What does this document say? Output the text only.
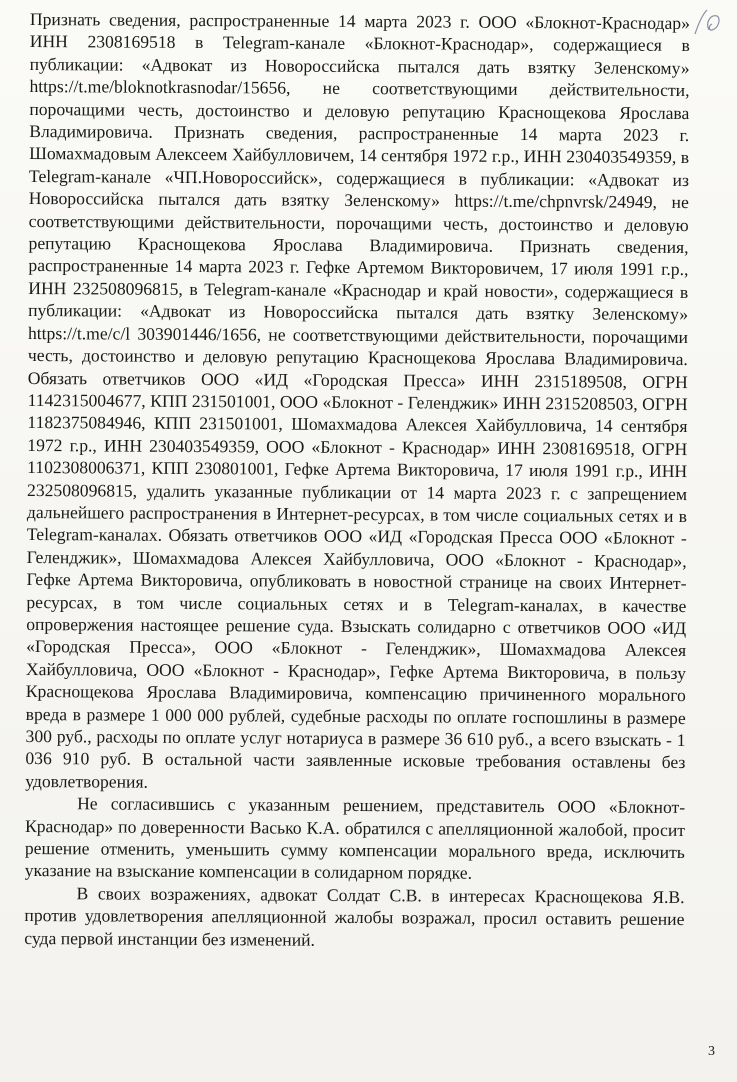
Признать сведения, распространенные 14 марта 2023 г. ООО «Блокнот-Краснодар» ИНН 2308169518 в Telegram-канале «Блокнот-Краснодар», содержащиеся в публикации: «Адвокат из Новороссийска пытался дать взятку Зеленскому» https://t.me/bloknotkrasnodar/15656, не соответствующими действительности, порочащими честь, достоинство и деловую репутацию Краснощекова Ярослава Владимировича. Признать сведения, распространенные 14 марта 2023 г. Шомахмадовым Алексеем Хайбулловичем, 14 сентября 1972 г.р., ИНН 230403549359, в Telegram-канале «ЧП.Новороссийск», содержащиеся в публикации: «Адвокат из Новороссийска пытался дать взятку Зеленскому» https://t.me/chpnvrsk/24949, не соответствующими действительности, порочащими честь, достоинство и деловую репутацию Краснощекова Ярослава Владимировича. Признать сведения, распространенные 14 марта 2023 г. Гефке Артемом Викторовичем, 17 июля 1991 г.р., ИНН 232508096815, в Telegram-канале «Краснодар и край новости», содержащиеся в публикации: «Адвокат из Новороссийска пытался дать взятку Зеленскому» https://t.me/c/l 303901446/1656, не соответствующими действительности, порочащими честь, достоинство и деловую репутацию Краснощекова Ярослава Владимировича. Обязать ответчиков ООО «ИД «Городская Пресса» ИНН 2315189508, ОГРН 1142315004677, КПП 231501001, ООО «Блокнот - Геленджик» ИНН 2315208503, ОГРН 1182375084946, КПП 231501001, Шомахмадова Алексея Хайбулловича, 14 сентября 1972 г.р., ИНН 230403549359, ООО «Блокнот - Краснодар» ИНН 2308169518, ОГРН 1102308006371, КПП 230801001, Гефке Артема Викторовича, 17 июля 1991 г.р., ИНН 232508096815, удалить указанные публикации от 14 марта 2023 г. с запрещением дальнейшего распространения в Интернет-ресурсах, в том числе социальных сетях и в Telegram-каналах. Обязать ответчиков ООО «ИД «Городская Пресса ООО «Блокнот - Геленджик», Шомахмадова Алексея Хайбулловича, ООО «Блокнот - Краснодар», Гефке Артема Викторовича, опубликовать в новостной странице на своих Интернет- ресурсах, в том числе социальных сетях и в Telegram-каналах, в качестве опровержения настоящее решение суда. Взыскать солидарно с ответчиков ООО «ИД «Городская Пресса», ООО «Блокнот - Геленджик», Шомахмадова Алексея Хайбулловича, ООО «Блокнот - Краснодар», Гефке Артема Викторовича, в пользу Краснощекова Ярослава Владимировича, компенсацию причиненного морального вреда в размере 1 000 000 рублей, судебные расходы по оплате госпошлины в размере 300 руб., расходы по оплате услуг нотариуса в размере 36 610 руб., а всего взыскать - 1 036 910 руб. В остальной части заявленные исковые требования оставлены без удовлетворения.

Не согласившись с указанным решением, представитель ООО «Блокнот-Краснодар» по доверенности Васько К.А. обратился с апелляционной жалобой, просит решение отменить, уменьшить сумму компенсации морального вреда, исключить указание на взыскание компенсации в солидарном порядке.

В своих возражениях, адвокат Солдат С.В. в интересах Краснощекова Я.В. против удовлетворения апелляционной жалобы возражал, просил оставить решение суда первой инстанции без изменений.

3
